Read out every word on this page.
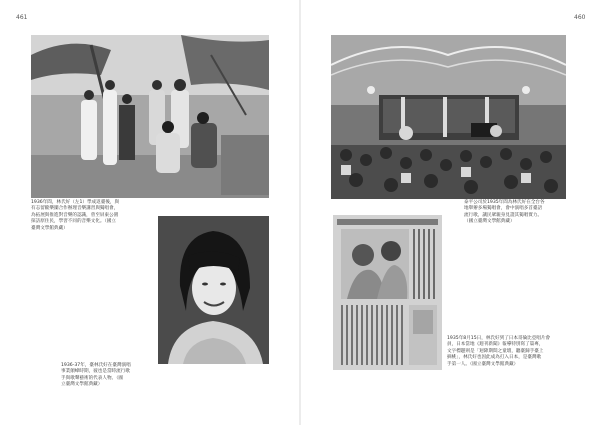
461
1936年間，林氏好（左1）學成返臺後，與
有志留歐樂團合作辦理音樂講習與獨唱會，
為拓展與推進對音樂的認識，曾至屏東公園
探訪原住民，學習不同的音樂文化。（國立
臺灣文學館典藏）
1936-37年，臺林氏好在臺灣演唱
事業顛峰時期，彼也是當時流行歌
手與歌聲藝術的代表人物。（國
立臺灣文學館典藏）
460
泰平公司於1935年間為林氏好在全台各
地舉辦多場獨唱會，會中演唱多首臺語
流行歌，讓民眾親身見證其獨唱實力。
（國立臺灣文學館典藏）
1935年8月15日，林氏好到了日本哥倫比亞唱片會
員，日本當地《週刊新聞》報導特別寫了篇專，
文字標題則是「迴降期間之童壇，聽臺歸手臺上
摘桃」，林氏好也因此成為打入日本，是臺灣歌
手第一人。（國立臺灣文學館典藏）
